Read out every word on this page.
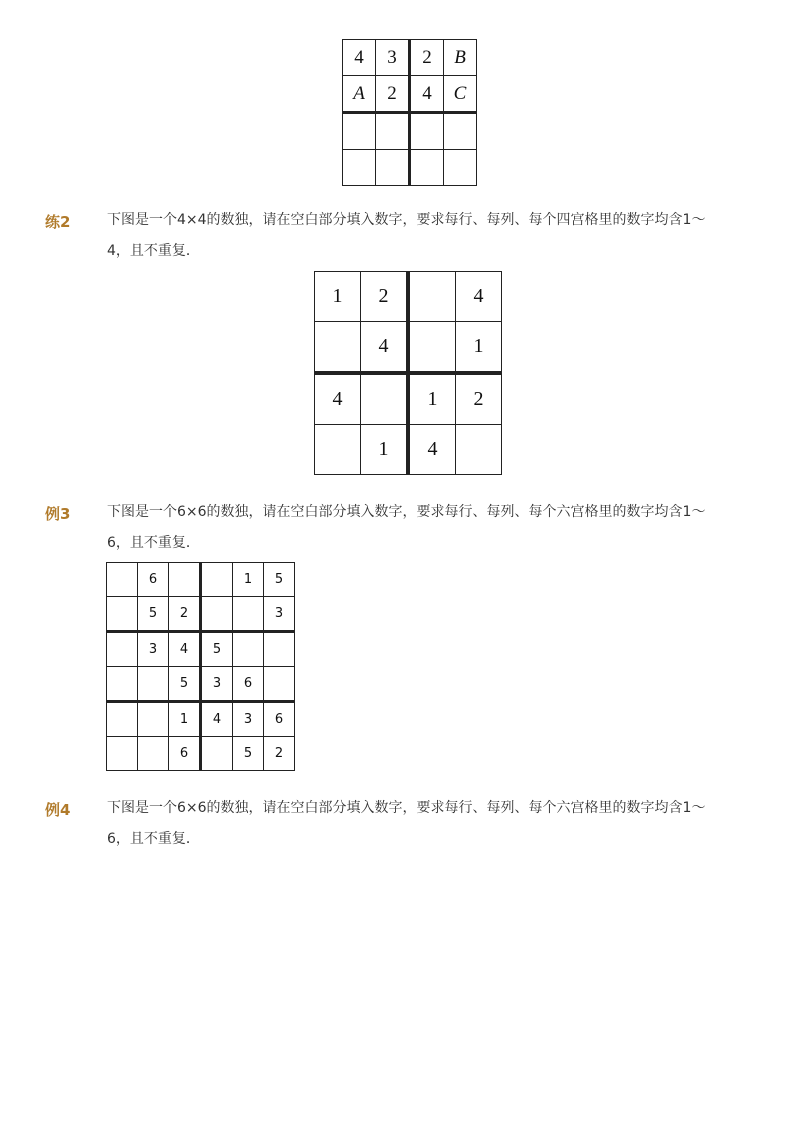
4	3	2	B
A	2	4	C

练2	下图是一个4×4的数独，请在空白部分填入数字，要求每行、每列、每个四宫格里的数字均含1～
4，且不重复．
1	2		4
	4		1
4		1	2
	1	4	
例3	下图是一个6×6的数独，请在空白部分填入数字，要求每行、每列、每个六宫格里的数字均含1～
6，且不重复．
	6			1	5
	5	2			3
	3	4	5		
		5	3	6	
		1	4	3	6
		6		5	2
例4	下图是一个6×6的数独，请在空白部分填入数字，要求每行、每列、每个六宫格里的数字均含1～
6，且不重复．
